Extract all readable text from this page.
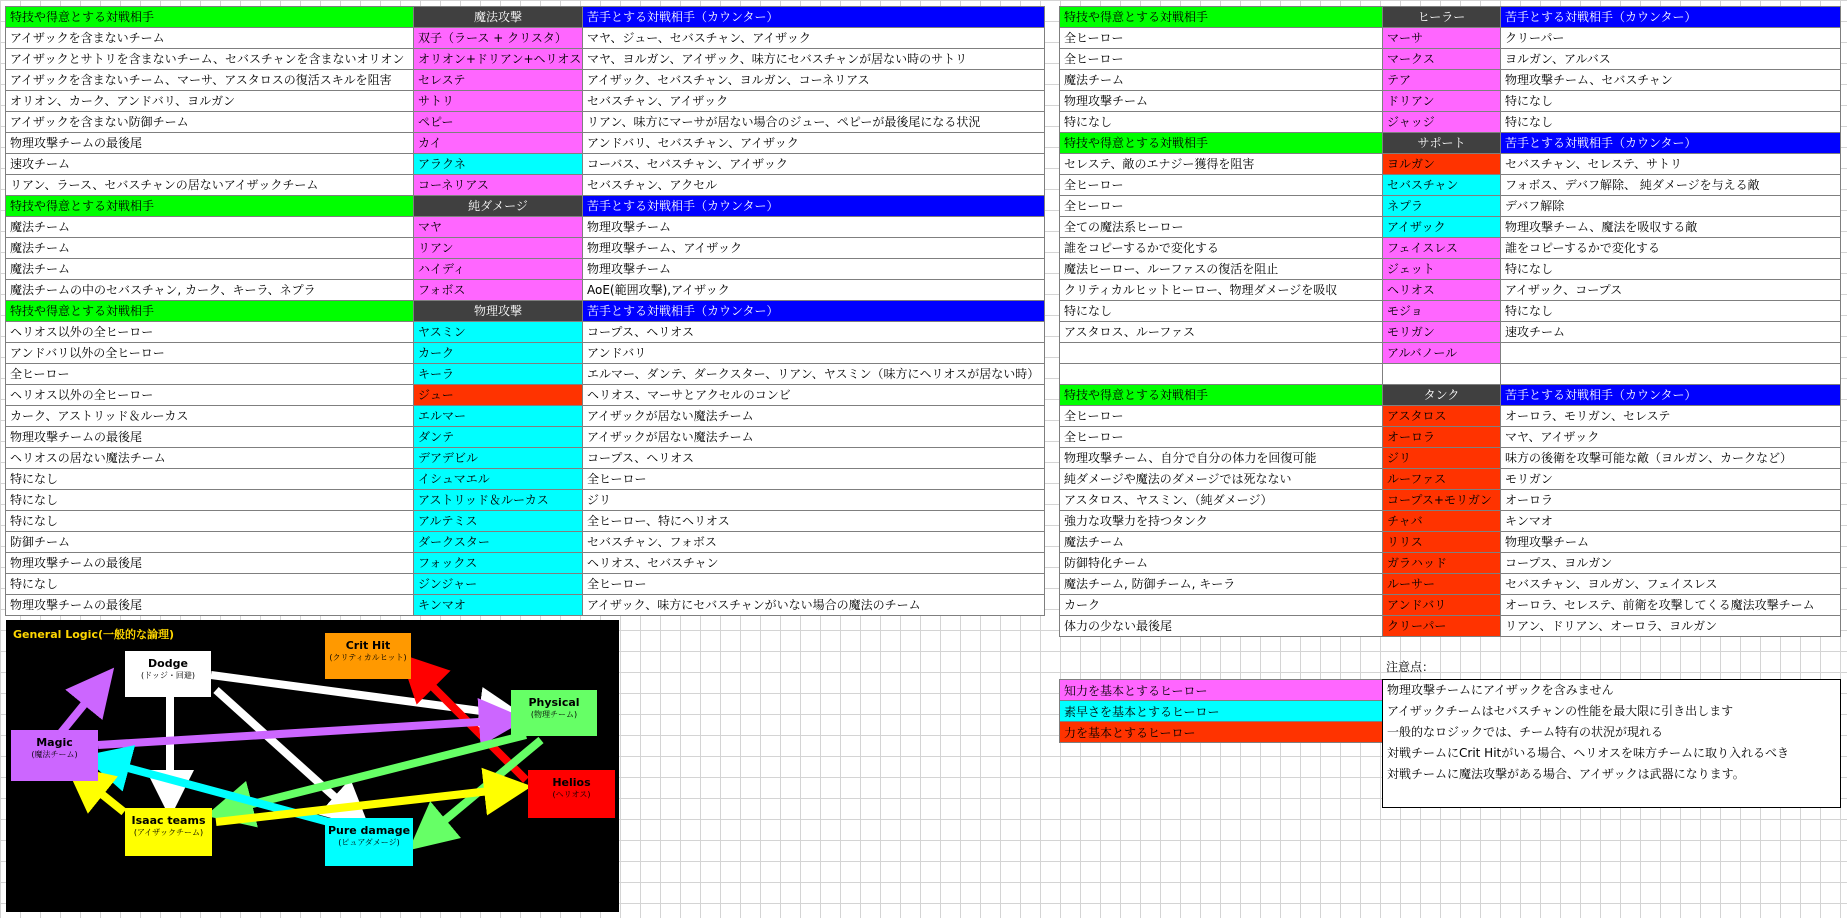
特技や得意とする対戦相手	魔法攻撃	苦手とする対戦相手（カウンター）
アイザックを含まないチーム	双子（ラース + クリスタ）	マヤ、ジュー、セバスチャン、アイザック
アイザックとサトリを含まないチーム、セバスチャンを含まないオリオン	オリオン+ドリアン+ヘリオス	マヤ、ヨルガン、アイザック、味方にセバスチャンが居ない時のサトリ
アイザックを含まないチーム、マーサ、アスタロスの復活スキルを阻害	セレステ	アイザック、セバスチャン、ヨルガン、コーネリアス
オリオン、カーク、アンドバリ、ヨルガン	サトリ	セバスチャン、アイザック
アイザックを含まない防御チーム	ペピー	リアン、味方にマーサが居ない場合のジュー、ペピーが最後尾になる状況
物理攻撃チームの最後尾	カイ	アンドバリ、セバスチャン、アイザック
速攻チーム	アラクネ	コーバス、セバスチャン、アイザック
リアン、ラース、セバスチャンの居ないアイザックチーム	コーネリアス	セバスチャン、アクセル
特技や得意とする対戦相手	純ダメージ	苦手とする対戦相手（カウンター）
魔法チーム	マヤ	物理攻撃チーム
魔法チーム	リアン	物理攻撃チーム、アイザック
魔法チーム	ハイディ	物理攻撃チーム
魔法チームの中のセバスチャン, カーク、キーラ、ネプラ	フォボス	AoE(範囲攻撃),アイザック
特技や得意とする対戦相手	物理攻撃	苦手とする対戦相手（カウンター）
ヘリオス以外の全ヒーロー	ヤスミン	コープス、ヘリオス
アンドバリ以外の全ヒーロー	カーク	アンドバリ
全ヒーロー	キーラ	エルマー、ダンテ、ダークスター、リアン、ヤスミン（味方にヘリオスが居ない時）
ヘリオス以外の全ヒーロー	ジュー	ヘリオス、マーサとアクセルのコンビ
カーク、アストリッド＆ルーカス	エルマー	アイザックが居ない魔法チーム
物理攻撃チームの最後尾	ダンテ	アイザックが居ない魔法チーム
ヘリオスの居ない魔法チーム	デアデビル	コープス、ヘリオス
特になし	イシュマエル	全ヒーロー
特になし	アストリッド＆ルーカス	ジリ
特になし	アルテミス	全ヒーロー、特にヘリオス
防御チーム	ダークスター	セバスチャン、フォボス
物理攻撃チームの最後尾	フォックス	ヘリオス、セバスチャン
特になし	ジンジャー	全ヒーロー
物理攻撃チームの最後尾	キンマオ	アイザック、味方にセバスチャンがいない場合の魔法のチーム
特技や得意とする対戦相手	ヒーラー	苦手とする対戦相手（カウンター）
全ヒーロー	マーサ	クリーパー
全ヒーロー	マークス	ヨルガン、アルバス
魔法チーム	テア	物理攻撃チーム、セバスチャン
物理攻撃チーム	ドリアン	特になし
特になし	ジャッジ	特になし
特技や得意とする対戦相手	サポート	苦手とする対戦相手（カウンター）
セレステ、敵のエナジー獲得を阻害	ヨルガン	セバスチャン、セレステ、サトリ
全ヒーロー	セバスチャン	フォボス、デバフ解除、 純ダメージを与える敵
全ヒーロー	ネプラ	デバフ解除
全ての魔法系ヒーロー	アイザック	物理攻撃チーム、魔法を吸収する敵
誰をコピーするかで変化する	フェイスレス	誰をコピーするかで変化する
魔法ヒーロー、ルーファスの復活を阻止	ジェット	特になし
クリティカルヒットヒーロー、物理ダメージを吸収	ヘリオス	アイザック、コープス
特になし	モジョ	特になし
アスタロス、ルーファス	モリガン	速攻チーム
	アルバノール	

特技や得意とする対戦相手	タンク	苦手とする対戦相手（カウンター）
全ヒーロー	アスタロス	オーロラ、モリガン、セレステ
全ヒーロー	オーロラ	マヤ、アイザック
物理攻撃チーム、自分で自分の体力を回復可能	ジリ	味方の後衛を攻撃可能な敵（ヨルガン、カークなど）
純ダメージや魔法のダメージでは死なない	ルーファス	モリガン
アスタロス、ヤスミン、（純ダメージ）	コープス+モリガン	オーロラ
強力な攻撃力を持つタンク	チャバ	キンマオ
魔法チーム	リリス	物理攻撃チーム
防御特化チーム	ガラハッド	コープス、ヨルガン
魔法チーム, 防御チーム, キーラ	ルーサー	セバスチャン、ヨルガン、フェイスレス
カーク	アンドバリ	オーロラ、セレステ、前衛を攻撃してくる魔法攻撃チーム
体力の少ない最後尾	クリーパー	リアン、ドリアン、オーロラ、ヨルガン
知力を基本とするヒーロー
素早さを基本とするヒーロー
力を基本とするヒーロー
注意点：
物理攻撃チームにアイザックを含みません
アイザックチームはセバスチャンの性能を最大限に引き出します
一般的なロジックでは、チーム特有の状況が現れる
対戦チームにCrit Hitがいる場合、ヘリオスを味方チームに取り入れるべき
対戦チームに魔法攻撃がある場合、アイザックは武器になります。
General Logic(一般的な論理)
Dodge
(ドッジ・回避)
Crit Hit
(クリティカルヒット)
Physical
(物理チーム)
Magic
(魔法チーム)
Helios
(ヘリオス)
Isaac teams
(アイザックチーム)	Pure damage
(ピュアダメージ)
